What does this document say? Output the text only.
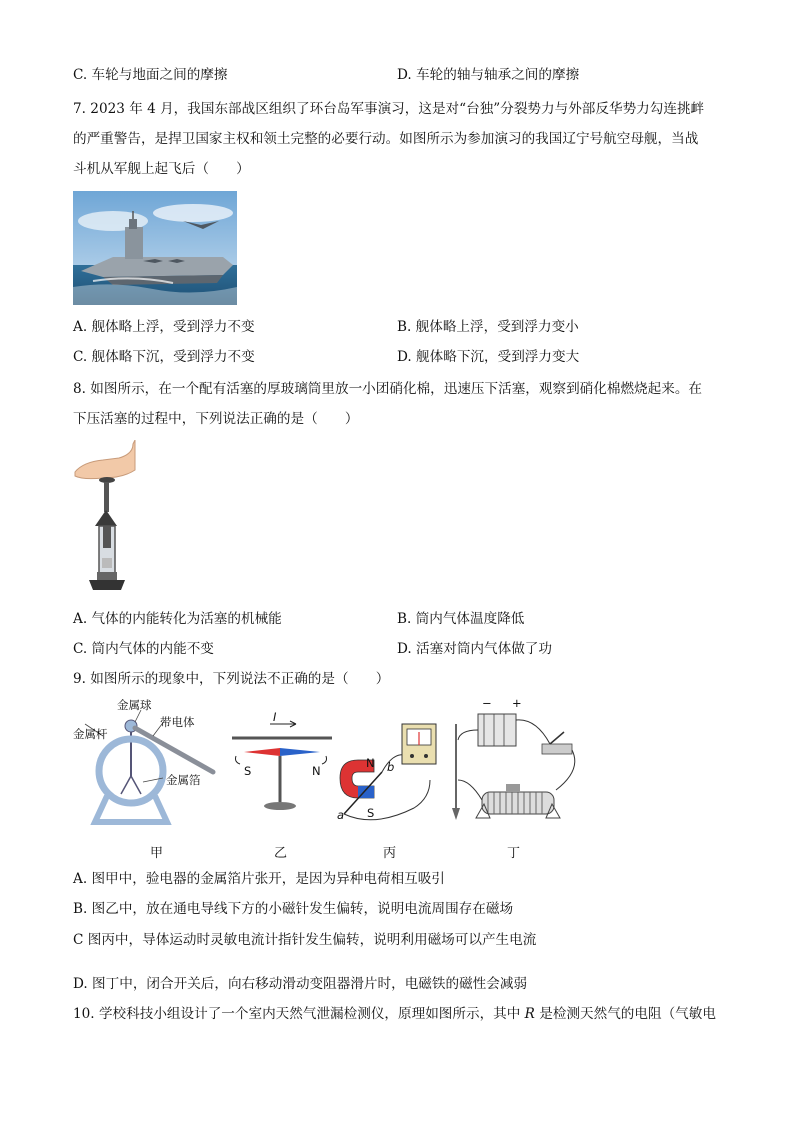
C. 车轮与地面之间的摩擦	D. 车轮的轴与轴承之间的摩擦
7. 2023 年 4 月，我国东部战区组织了环台岛军事演习，这是对“台独”分裂势力与外部反华势力勾连挑衅
的严重警告，是捍卫国家主权和领土完整的必要行动。如图所示为参加演习的我国辽宁号航空母舰，当战
斗机从军舰上起飞后（　　）
A. 舰体略上浮，受到浮力不变	B. 舰体略上浮，受到浮力变小
C. 舰体略下沉，受到浮力不变	D. 舰体略下沉，受到浮力变大
8. 如图所示，在一个配有活塞的厚玻璃筒里放一小团硝化棉，迅速压下活塞，观察到硝化棉燃烧起来。在
下压活塞的过程中，下列说法正确的是（　　）
A. 气体的内能转化为活塞的机械能	B. 筒内气体温度降低
C. 筒内气体的内能不变	D. 活塞对筒内气体做了功
9. 如图所示的现象中，下列说法不正确的是（　　）
金属球
带电体
金属杆
金属箔
I
S	N
N
S
a
b
− +
甲	乙	丙	丁
A. 图甲中，验电器的金属箔片张开，是因为异种电荷相互吸引
B. 图乙中，放在通电导线下方的小磁针发生偏转，说明电流周围存在磁场
C 图丙中，导体运动时灵敏电流计指针发生偏转，说明利用磁场可以产生电流
D. 图丁中，闭合开关后，向右移动滑动变阻器滑片时，电磁铁的磁性会减弱
10. 学校科技小组设计了一个室内天然气泄漏检测仪，原理如图所示，其中 R 是检测天然气的电阻（气敏电
